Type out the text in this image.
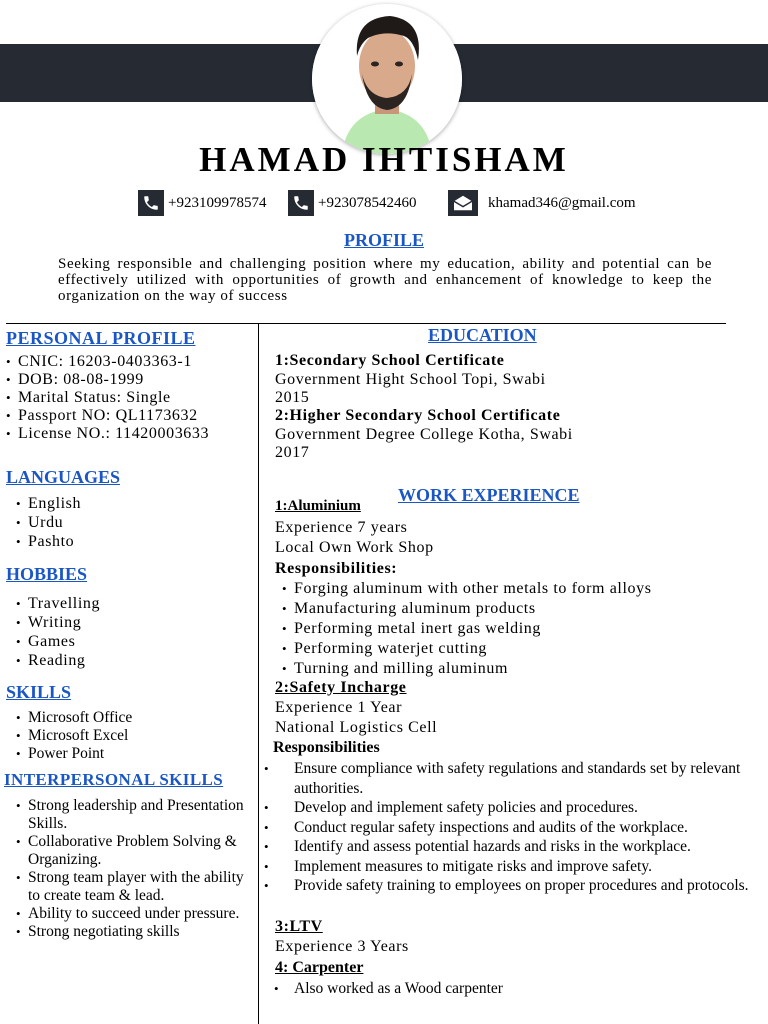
HAMAD IHTISHAM
+923109978574	+923078542460	khamad346@gmail.com
PROFILE
Seeking responsible and challenging position where my education, ability and potential can be effectively utilized with opportunities of growth and enhancement of knowledge to keep the organization on the way of success
PERSONAL PROFILE
• CNIC: 16203-0403363-1
• DOB: 08-08-1999
• Marital Status: Single
• Passport NO: QL1173632
• License NO.: 11420003633
LANGUAGES
• English
• Urdu
• Pashto
HOBBIES
• Travelling
• Writing
• Games
• Reading
SKILLS
• Microsoft Office
• Microsoft Excel
• Power Point
INTERPERSONAL SKILLS
• Strong leadership and Presentation Skills.
• Collaborative Problem Solving & Organizing.
• Strong team player with the ability to create team & lead.
• Ability to succeed under pressure.
• Strong negotiating skills
EDUCATION
1:Secondary School Certificate
Government Hight School Topi, Swabi
2015
2:Higher Secondary School Certificate
Government Degree College Kotha, Swabi
2017
WORK EXPERIENCE
1:Aluminium
Experience 7 years
Local Own Work Shop
Responsibilities:
• Forging aluminum with other metals to form alloys
• Manufacturing aluminum products
• Performing metal inert gas welding
• Performing waterjet cutting
• Turning and milling aluminum
2:Safety Incharge
Experience 1 Year
National Logistics Cell
Responsibilities
• Ensure compliance with safety regulations and standards set by relevant authorities.
• Develop and implement safety policies and procedures.
• Conduct regular safety inspections and audits of the workplace.
• Identify and assess potential hazards and risks in the workplace.
• Implement measures to mitigate risks and improve safety.
• Provide safety training to employees on proper procedures and protocols.
3:LTV
Experience 3 Years
4: Carpenter
• Also worked as a Wood carpenter
